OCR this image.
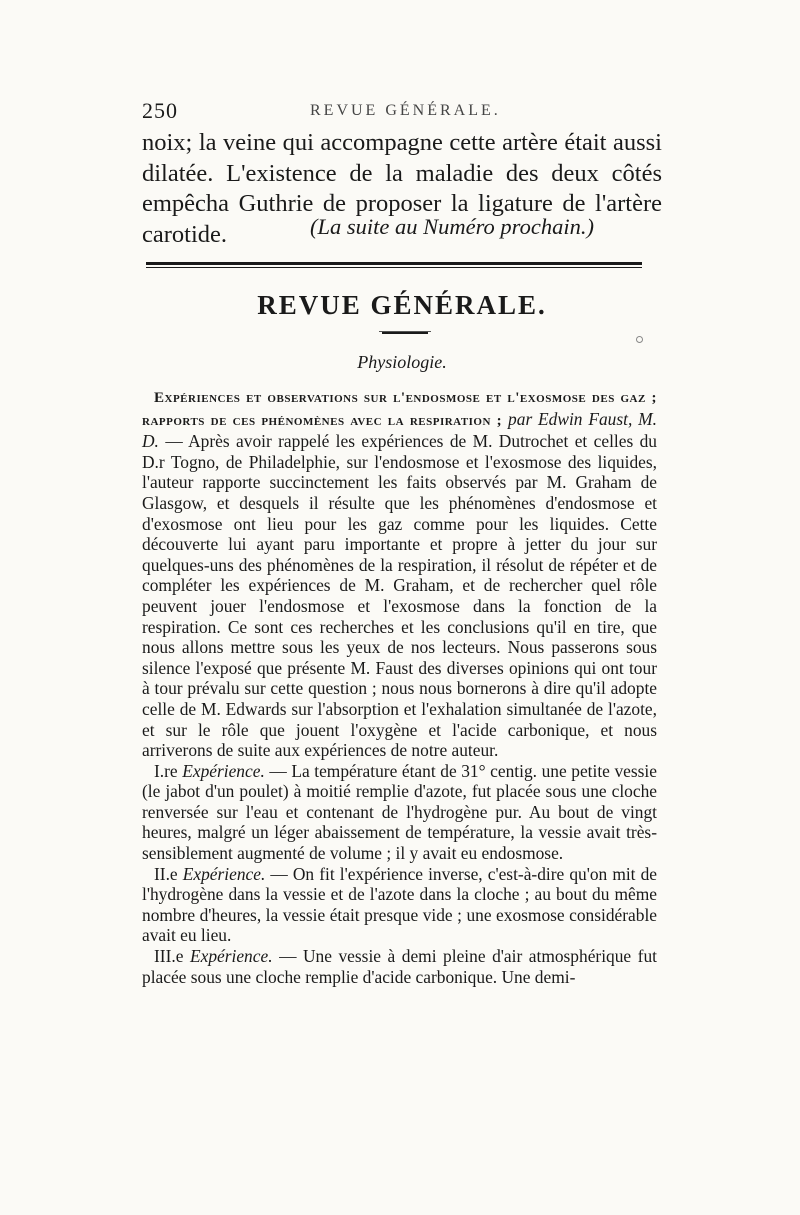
250	REVUE GÉNÉRALE.

noix; la veine qui accompagne cette artère était aussi dilatée. L'existence de la maladie des deux côtés empêcha Guthrie de proposer la ligature de l'artère carotide.	(La suite au Numéro prochain.)
REVUE GÉNÉRALE.
Physiologie.

Expériences et observations sur l'endosmose et l'exosmose des gaz ; rapports de ces phénomènes avec la respiration ; par Edwin Faust, M. D. — Après avoir rappelé les expériences de M. Dutrochet et celles du D.r Togno, de Philadelphie, sur l'endosmose et l'exosmose des liquides, l'auteur rapporte succinctement les faits observés par M. Graham de Glasgow, et desquels il résulte que les phénomènes d'endosmose et d'exosmose ont lieu pour les gaz comme pour les liquides. Cette découverte lui ayant paru importante et propre à jetter du jour sur quelques-uns des phénomènes de la respiration, il résolut de répéter et de compléter les expériences de M. Graham, et de rechercher quel rôle peuvent jouer l'endosmose et l'exosmose dans la fonction de la respiration. Ce sont ces recherches et les conclusions qu'il en tire, que nous allons mettre sous les yeux de nos lecteurs. Nous passerons sous silence l'exposé que présente M. Faust des diverses opinions qui ont tour à tour prévalu sur cette question ; nous nous bornerons à dire qu'il adopte celle de M. Edwards sur l'absorption et l'exhalation simultanée de l'azote, et sur le rôle que jouent l'oxygène et l'acide carbonique, et nous arriverons de suite aux expériences de notre auteur.

I.re Expérience. — La température étant de 31° centig. une petite vessie (le jabot d'un poulet) à moitié remplie d'azote, fut placée sous une cloche renversée sur l'eau et contenant de l'hydrogène pur. Au bout de vingt heures, malgré un léger abaissement de température, la vessie avait très-sensiblement augmenté de volume ; il y avait eu endosmose.

II.e Expérience. — On fit l'expérience inverse, c'est-à-dire qu'on mit de l'hydrogène dans la vessie et de l'azote dans la cloche ; au bout du même nombre d'heures, la vessie était presque vide ; une exosmose considérable avait eu lieu.

III.e Expérience. — Une vessie à demi pleine d'air atmosphérique fut placée sous une cloche remplie d'acide carbonique. Une demi-
